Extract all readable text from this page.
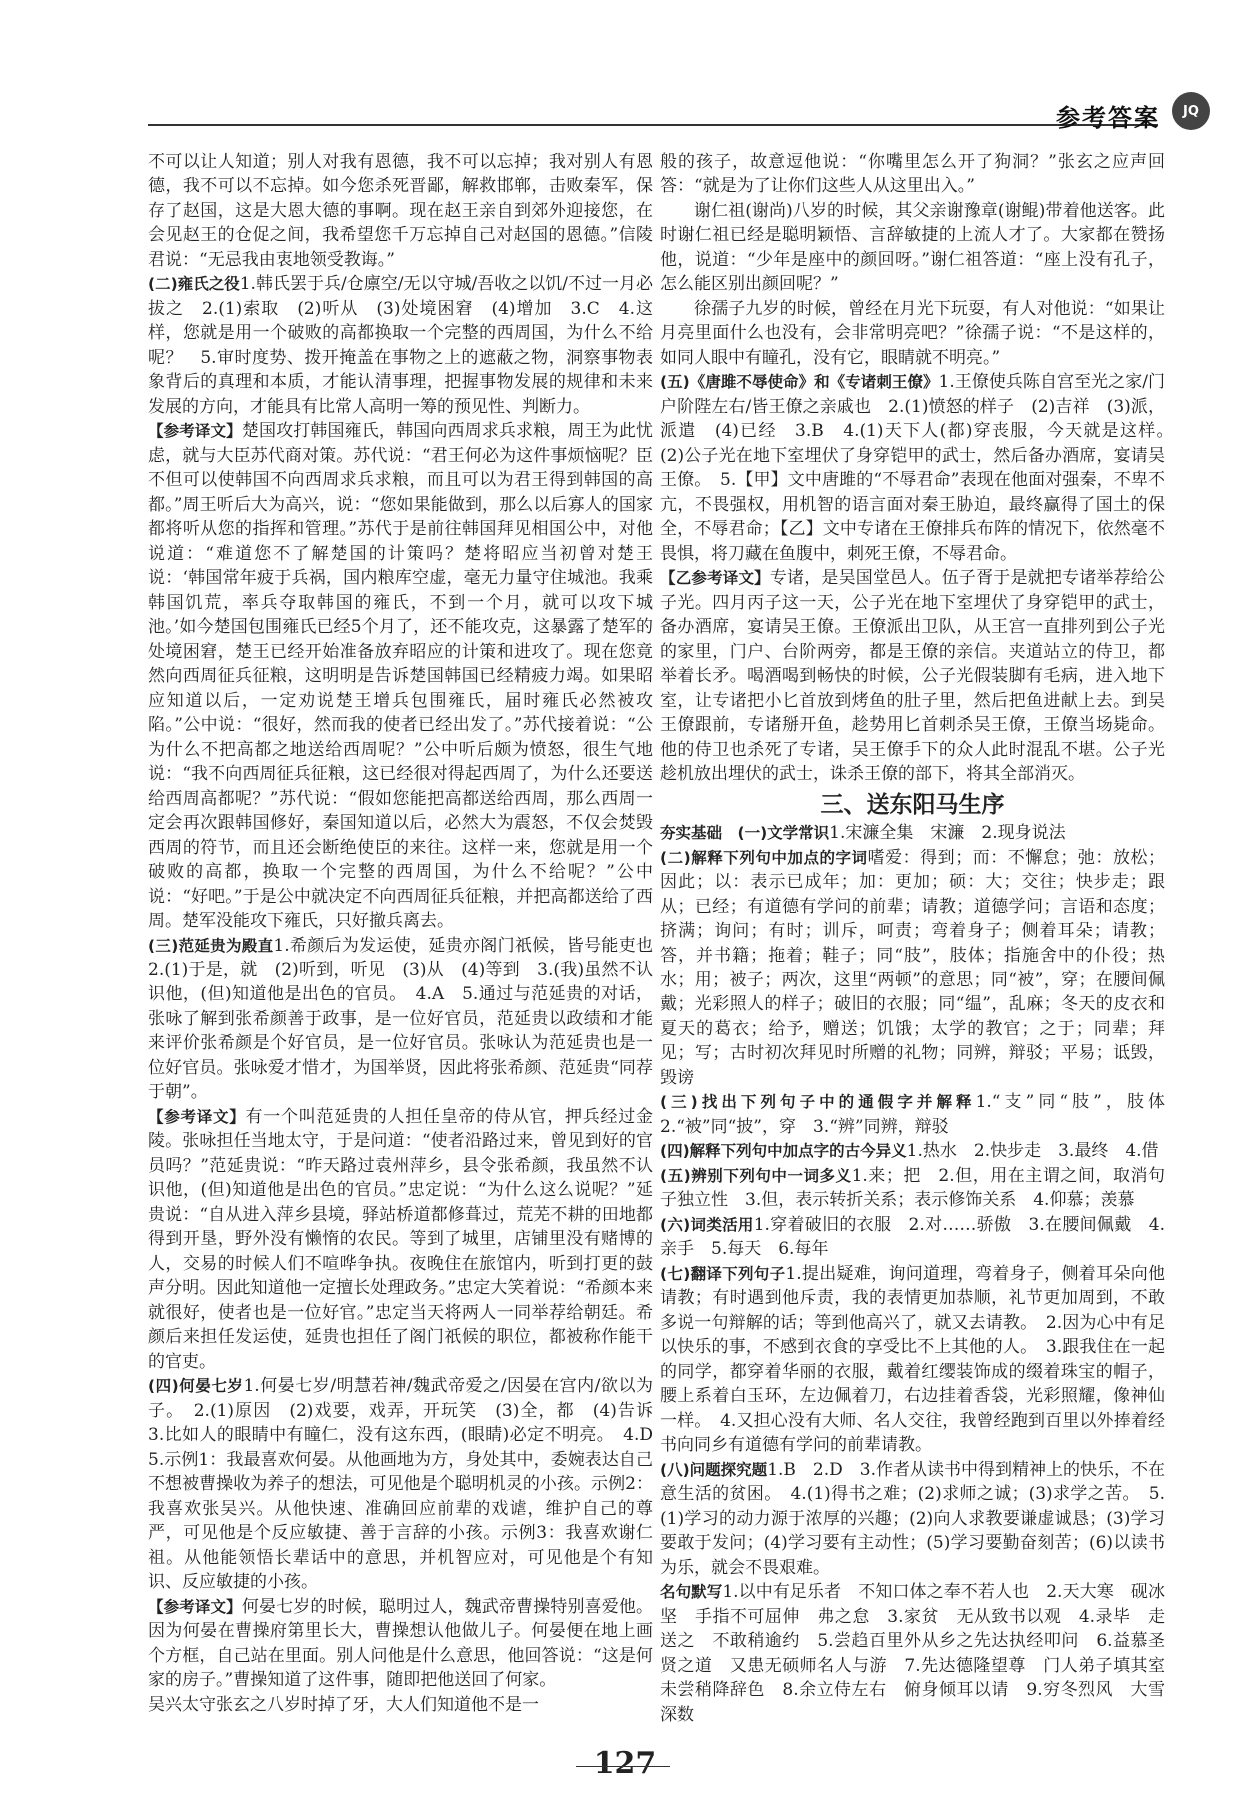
参考答案	JQ

不可以让人知道；别人对我有恩德，我不可以忘掉；我对别人有恩德，我不可以不忘掉。如今您杀死晋鄙，解救邯郸，击败秦军，保存了赵国，这是大恩大德的事啊。现在赵王亲自到郊外迎接您，在会见赵王的仓促之间，我希望您千万忘掉自己对赵国的恩德。”信陵君说：“无忌我由衷地领受教诲。”

(二)雍氏之役1.韩氏罢于兵/仓廪空/无以守城/吾收之以饥/不过一月必拔之　2.(1)索取　(2)听从　(3)处境困窘　(4)增加　3.C　4.这样，您就是用一个破败的高都换取一个完整的西周国，为什么不给呢？　5.审时度势、拨开掩盖在事物之上的遮蔽之物，洞察事物表象背后的真理和本质，才能认清事理，把握事物发展的规律和未来发展的方向，才能具有比常人高明一筹的预见性、判断力。

【参考译文】楚国攻打韩国雍氏，韩国向西周求兵求粮，周王为此忧虑，就与大臣苏代商对策。苏代说：“君王何必为这件事烦恼呢？臣不但可以使韩国不向西周求兵求粮，而且可以为君王得到韩国的高都。”周王听后大为高兴，说：“您如果能做到，那么以后寡人的国家都将听从您的指挥和管理。”苏代于是前往韩国拜见相国公中，对他说道：“难道您不了解楚国的计策吗？楚将昭应当初曾对楚王说：‘韩国常年疲于兵祸，国内粮库空虚，毫无力量守住城池。我乘韩国饥荒，率兵夺取韩国的雍氏，不到一个月，就可以攻下城池。’如今楚国包围雍氏已经5个月了，还不能攻克，这暴露了楚军的处境困窘，楚王已经开始准备放弃昭应的计策和进攻了。现在您竟然向西周征兵征粮，这明明是告诉楚国韩国已经精疲力竭。如果昭应知道以后，一定劝说楚王增兵包围雍氏，届时雍氏必然被攻陷。”公中说：“很好，然而我的使者已经出发了。”苏代接着说：“公为什么不把高都之地送给西周呢？”公中听后颇为愤怒，很生气地说：“我不向西周征兵征粮，这已经很对得起西周了，为什么还要送给西周高都呢？”苏代说：“假如您能把高都送给西周，那么西周一定会再次跟韩国修好，秦国知道以后，必然大为震怒，不仅会焚毁西周的符节，而且还会断绝使臣的来往。这样一来，您就是用一个破败的高都，换取一个完整的西周国，为什么不给呢？”公中说：“好吧。”于是公中就决定不向西周征兵征粮，并把高都送给了西周。楚军没能攻下雍氏，只好撤兵离去。

(三)范延贵为殿直1.希颜后为发运使，延贵亦阁门祇候，皆号能吏也　2.(1)于是，就　(2)听到，听见　(3)从　(4)等到　3.(我)虽然不认识他，(但)知道他是出色的官员。　4.A　5.通过与范延贵的对话，张咏了解到张希颜善于政事，是一位好官员，范延贵以政绩和才能来评价张希颜是个好官员，是一位好官员。张咏认为范延贵也是一位好官员。张咏爱才惜才，为国举贤，因此将张希颜、范延贵“同荐于朝”。

【参考译文】有一个叫范延贵的人担任皇帝的侍从官，押兵经过金陵。张咏担任当地太守，于是问道：“使者沿路过来，曾见到好的官员吗？”范延贵说：“昨天路过袁州萍乡，县令张希颜，我虽然不认识他，(但)知道他是出色的官员。”忠定说：“为什么这么说呢？”延贵说：“自从进入萍乡县境，驿站桥道都修葺过，荒芜不耕的田地都得到开垦，野外没有懒惰的农民。等到了城里，店铺里没有赌博的人，交易的时候人们不喧哗争执。夜晚住在旅馆内，听到打更的鼓声分明。因此知道他一定擅长处理政务。”忠定大笑着说：“希颜本来就很好，使者也是一位好官。”忠定当天将两人一同举荐给朝廷。希颜后来担任发运使，延贵也担任了阁门祇候的职位，都被称作能干的官吏。

(四)何晏七岁1.何晏七岁/明慧若神/魏武帝爱之/因晏在宫内/欲以为子。　2.(1)原因　(2)戏要，戏弄，开玩笑　(3)全，都　(4)告诉　3.比如人的眼睛中有瞳仁，没有这东西，(眼睛)必定不明亮。　4.D　5.示例1：我最喜欢何晏。从他画地为方，身处其中，委婉表达自己不想被曹操收为养子的想法，可见他是个聪明机灵的小孩。示例2：我喜欢张吴兴。从他快速、准确回应前辈的戏谑，维护自己的尊严，可见他是个反应敏捷、善于言辞的小孩。示例3：我喜欢谢仁祖。从他能领悟长辈话中的意思，并机智应对，可见他是个有知识、反应敏捷的小孩。

【参考译文】何晏七岁的时候，聪明过人，魏武帝曹操特别喜爱他。因为何晏在曹操府第里长大，曹操想认他做儿子。何晏便在地上画个方框，自己站在里面。别人问他是什么意思，他回答说：“这是何家的房子。”曹操知道了这件事，随即把他送回了何家。

吴兴太守张玄之八岁时掉了牙，大人们知道他不是一

般的孩子，故意逗他说：“你嘴里怎么开了狗洞？”张玄之应声回答：“就是为了让你们这些人从这里出入。”

谢仁祖(谢尚)八岁的时候，其父亲谢豫章(谢鲲)带着他送客。此时谢仁祖已经是聪明颖悟、言辞敏捷的上流人才了。大家都在赞扬他，说道：“少年是座中的颜回呀。”谢仁祖答道：“座上没有孔子，怎么能区别出颜回呢？”

徐孺子九岁的时候，曾经在月光下玩耍，有人对他说：“如果让月亮里面什么也没有，会非常明亮吧？”徐孺子说：“不是这样的，如同人眼中有瞳孔，没有它，眼睛就不明亮。”

(五)《唐雎不辱使命》和《专诸刺王僚》1.王僚使兵陈自宫至光之家/门户阶陛左右/皆王僚之亲戚也　2.(1)愤怒的样子　(2)吉祥　(3)派，派遣　(4)已经　3.B　4.(1)天下人(都)穿丧服，今天就是这样。　(2)公子光在地下室埋伏了身穿铠甲的武士，然后备办酒席，宴请吴王僚。　5.【甲】文中唐雎的“不辱君命”表现在他面对强秦，不卑不亢，不畏强权，用机智的语言面对秦王胁迫，最终赢得了国土的保全，不辱君命；【乙】文中专诸在王僚排兵布阵的情况下，依然毫不畏惧，将刀藏在鱼腹中，刺死王僚，不辱君命。

【乙参考译文】专诸，是吴国堂邑人。伍子胥于是就把专诸举荐给公子光。四月丙子这一天，公子光在地下室埋伏了身穿铠甲的武士，备办酒席，宴请吴王僚。王僚派出卫队，从王宫一直排列到公子光的家里，门户、台阶两旁，都是王僚的亲信。夹道站立的侍卫，都举着长矛。喝酒喝到畅快的时候，公子光假装脚有毛病，进入地下室，让专诸把小匕首放到烤鱼的肚子里，然后把鱼进献上去。到吴王僚跟前，专诸掰开鱼，趁势用匕首刺杀吴王僚，王僚当场毙命。他的侍卫也杀死了专诸，吴王僚手下的众人此时混乱不堪。公子光趁机放出埋伏的武士，诛杀王僚的部下，将其全部消灭。

三、送东阳马生序

夯实基础　(一)文学常识1.宋濂全集　宋濂　2.现身说法

(二)解释下列句中加点的字词嗜爱：得到；而：不懈怠；弛：放松；因此；以：表示已成年；加：更加；硕：大；交往；快步走；跟从；已经；有道德有学问的前辈；请教；道德学问；言语和态度；挤满；询问；有时；训斥，呵责；弯着身子；侧着耳朵；请教；答，并书籍；拖着；鞋子；同“肢”，肢体；指施舍中的仆役；热水；用；被子；两次，这里“两顿”的意思；同“被”，穿；在腰间佩戴；光彩照人的样子；破旧的衣服；同“缊”，乱麻；冬天的皮衣和夏天的葛衣；给予，赠送；饥饿；太学的教官；之于；同辈；拜见；写；古时初次拜见时所赠的礼物；同辨，辩驳；平易；诋毁，毁谤

(三)找出下列句子中的通假字并解释1.“支”同“肢”，肢体　2.“被”同“披”，穿　3.“辨”同辨，辩驳

(四)解释下列句中加点字的古今异义1.热水　2.快步走　3.最终　4.借

(五)辨别下列句中一词多义1.来；把　2.但，用在主谓之间，取消句子独立性　3.但，表示转折关系；表示修饰关系　4.仰慕；羡慕

(六)词类活用1.穿着破旧的衣服　2.对……骄傲　3.在腰间佩戴　4.亲手　5.每天　6.每年

(七)翻译下列句子1.提出疑难，询问道理，弯着身子，侧着耳朵向他请教；有时遇到他斥责，我的表情更加恭顺，礼节更加周到，不敢多说一句辩解的话；等到他高兴了，就又去请教。　2.因为心中有足以快乐的事，不感到衣食的享受比不上其他的人。　3.跟我住在一起的同学，都穿着华丽的衣服，戴着红缨装饰成的缀着珠宝的帽子，腰上系着白玉环，左边佩着刀，右边挂着香袋，光彩照耀，像神仙一样。　4.又担心没有大师、名人交往，我曾经跑到百里以外捧着经书向同乡有道德有学问的前辈请教。

(八)问题探究题1.B　2.D　3.作者从读书中得到精神上的快乐，不在意生活的贫困。　4.(1)得书之难；(2)求师之诚；(3)求学之苦。　5.(1)学习的动力源于浓厚的兴趣；(2)向人求教要谦虚诚恳；(3)学习要敢于发问；(4)学习要有主动性；(5)学习要勤奋刻苦；(6)以读书为乐，就会不畏艰难。

名句默写1.以中有足乐者　不知口体之奉不若人也　2.天大寒　砚冰坚　手指不可屈伸　弗之怠　3.家贫　无从致书以观　4.录毕　走送之　不敢稍逾约　5.尝趋百里外从乡之先达执经叩问　6.益慕圣贤之道　又患无硕师名人与游　7.先达德隆望尊　门人弟子填其室　未尝稍降辞色　8.余立侍左右　俯身倾耳以请　9.穷冬烈风　大雪深数

127
